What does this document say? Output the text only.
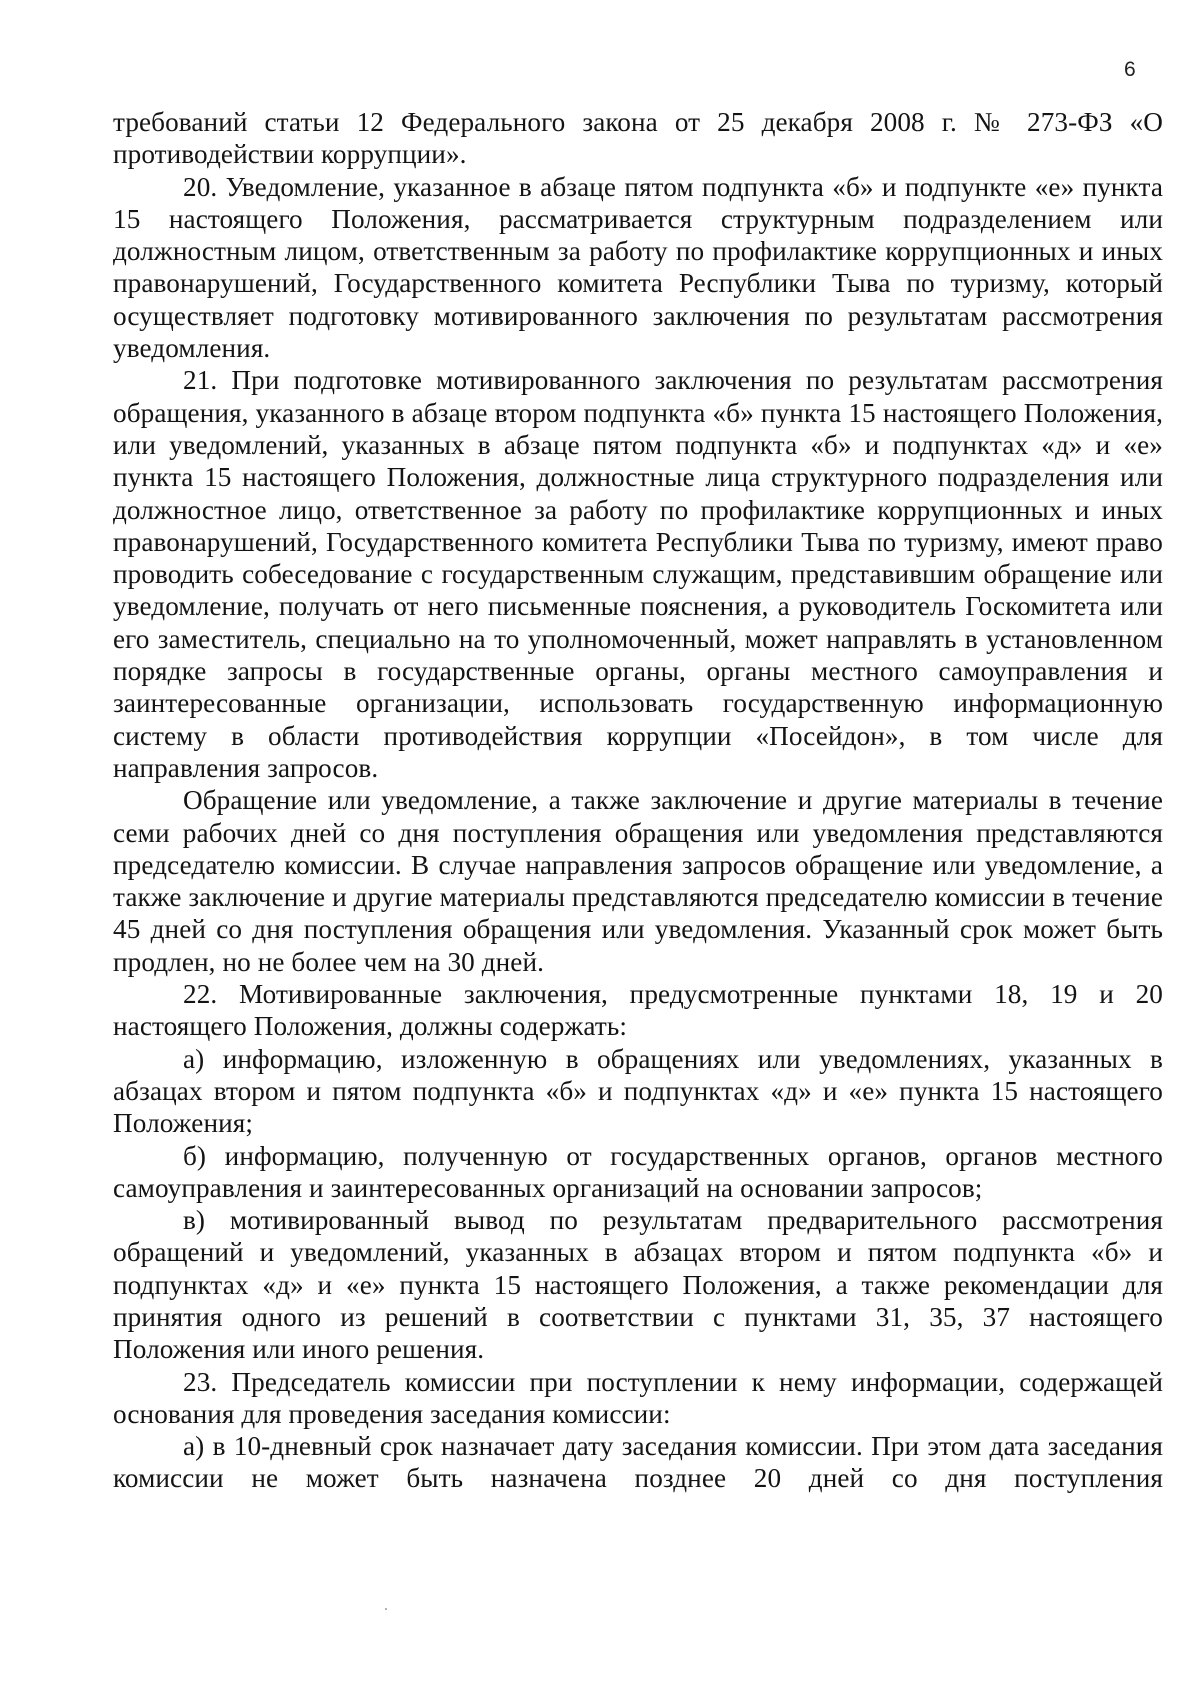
6

требований статьи 12 Федерального закона от 25 декабря 2008 г. № 273-ФЗ «О противодействии коррупции».

20. Уведомление, указанное в абзаце пятом подпункта «б» и подпункте «е» пункта 15 настоящего Положения, рассматривается структурным подразделением или должностным лицом, ответственным за работу по профилактике коррупционных и иных правонарушений, Государственного комитета Республики Тыва по туризму, который осуществляет подготовку мотивированного заключения по результатам рассмотрения уведомления.

21. При подготовке мотивированного заключения по результатам рассмотрения обращения, указанного в абзаце втором подпункта «б» пункта 15 настоящего Положения, или уведомлений, указанных в абзаце пятом подпункта «б» и подпунктах «д» и «е» пункта 15 настоящего Положения, должностные лица структурного подразделения или должностное лицо, ответственное за работу по профилактике коррупционных и иных правонарушений, Государственного комитета Республики Тыва по туризму, имеют право проводить собеседование с государственным служащим, представившим обращение или уведомление, получать от него письменные пояснения, а руководитель Госкомитета или его заместитель, специально на то уполномоченный, может направлять в установленном порядке запросы в государственные органы, органы местного самоуправления и заинтересованные организации, использовать государственную информационную систему в области противодействия коррупции «Посейдон», в том числе для направления запросов.

Обращение или уведомление, а также заключение и другие материалы в течение семи рабочих дней со дня поступления обращения или уведомления представляются председателю комиссии. В случае направления запросов обращение или уведомление, а также заключение и другие материалы представляются председателю комиссии в течение 45 дней со дня поступления обращения или уведомления. Указанный срок может быть продлен, но не более чем на 30 дней.

22. Мотивированные заключения, предусмотренные пунктами 18, 19 и 20 настоящего Положения, должны содержать:

а) информацию, изложенную в обращениях или уведомлениях, указанных в абзацах втором и пятом подпункта «б» и подпунктах «д» и «е» пункта 15 настоящего Положения;

б) информацию, полученную от государственных органов, органов местного самоуправления и заинтересованных организаций на основании запросов;

в) мотивированный вывод по результатам предварительного рассмотрения обращений и уведомлений, указанных в абзацах втором и пятом подпункта «б» и подпунктах «д» и «е» пункта 15 настоящего Положения, а также рекомендации для принятия одного из решений в соответствии с пунктами 31, 35, 37 настоящего Положения или иного решения.

23. Председатель комиссии при поступлении к нему информации, содержащей основания для проведения заседания комиссии:

а) в 10-дневный срок назначает дату заседания комиссии. При этом дата заседания комиссии не может быть назначена позднее 20 дней со дня поступления
